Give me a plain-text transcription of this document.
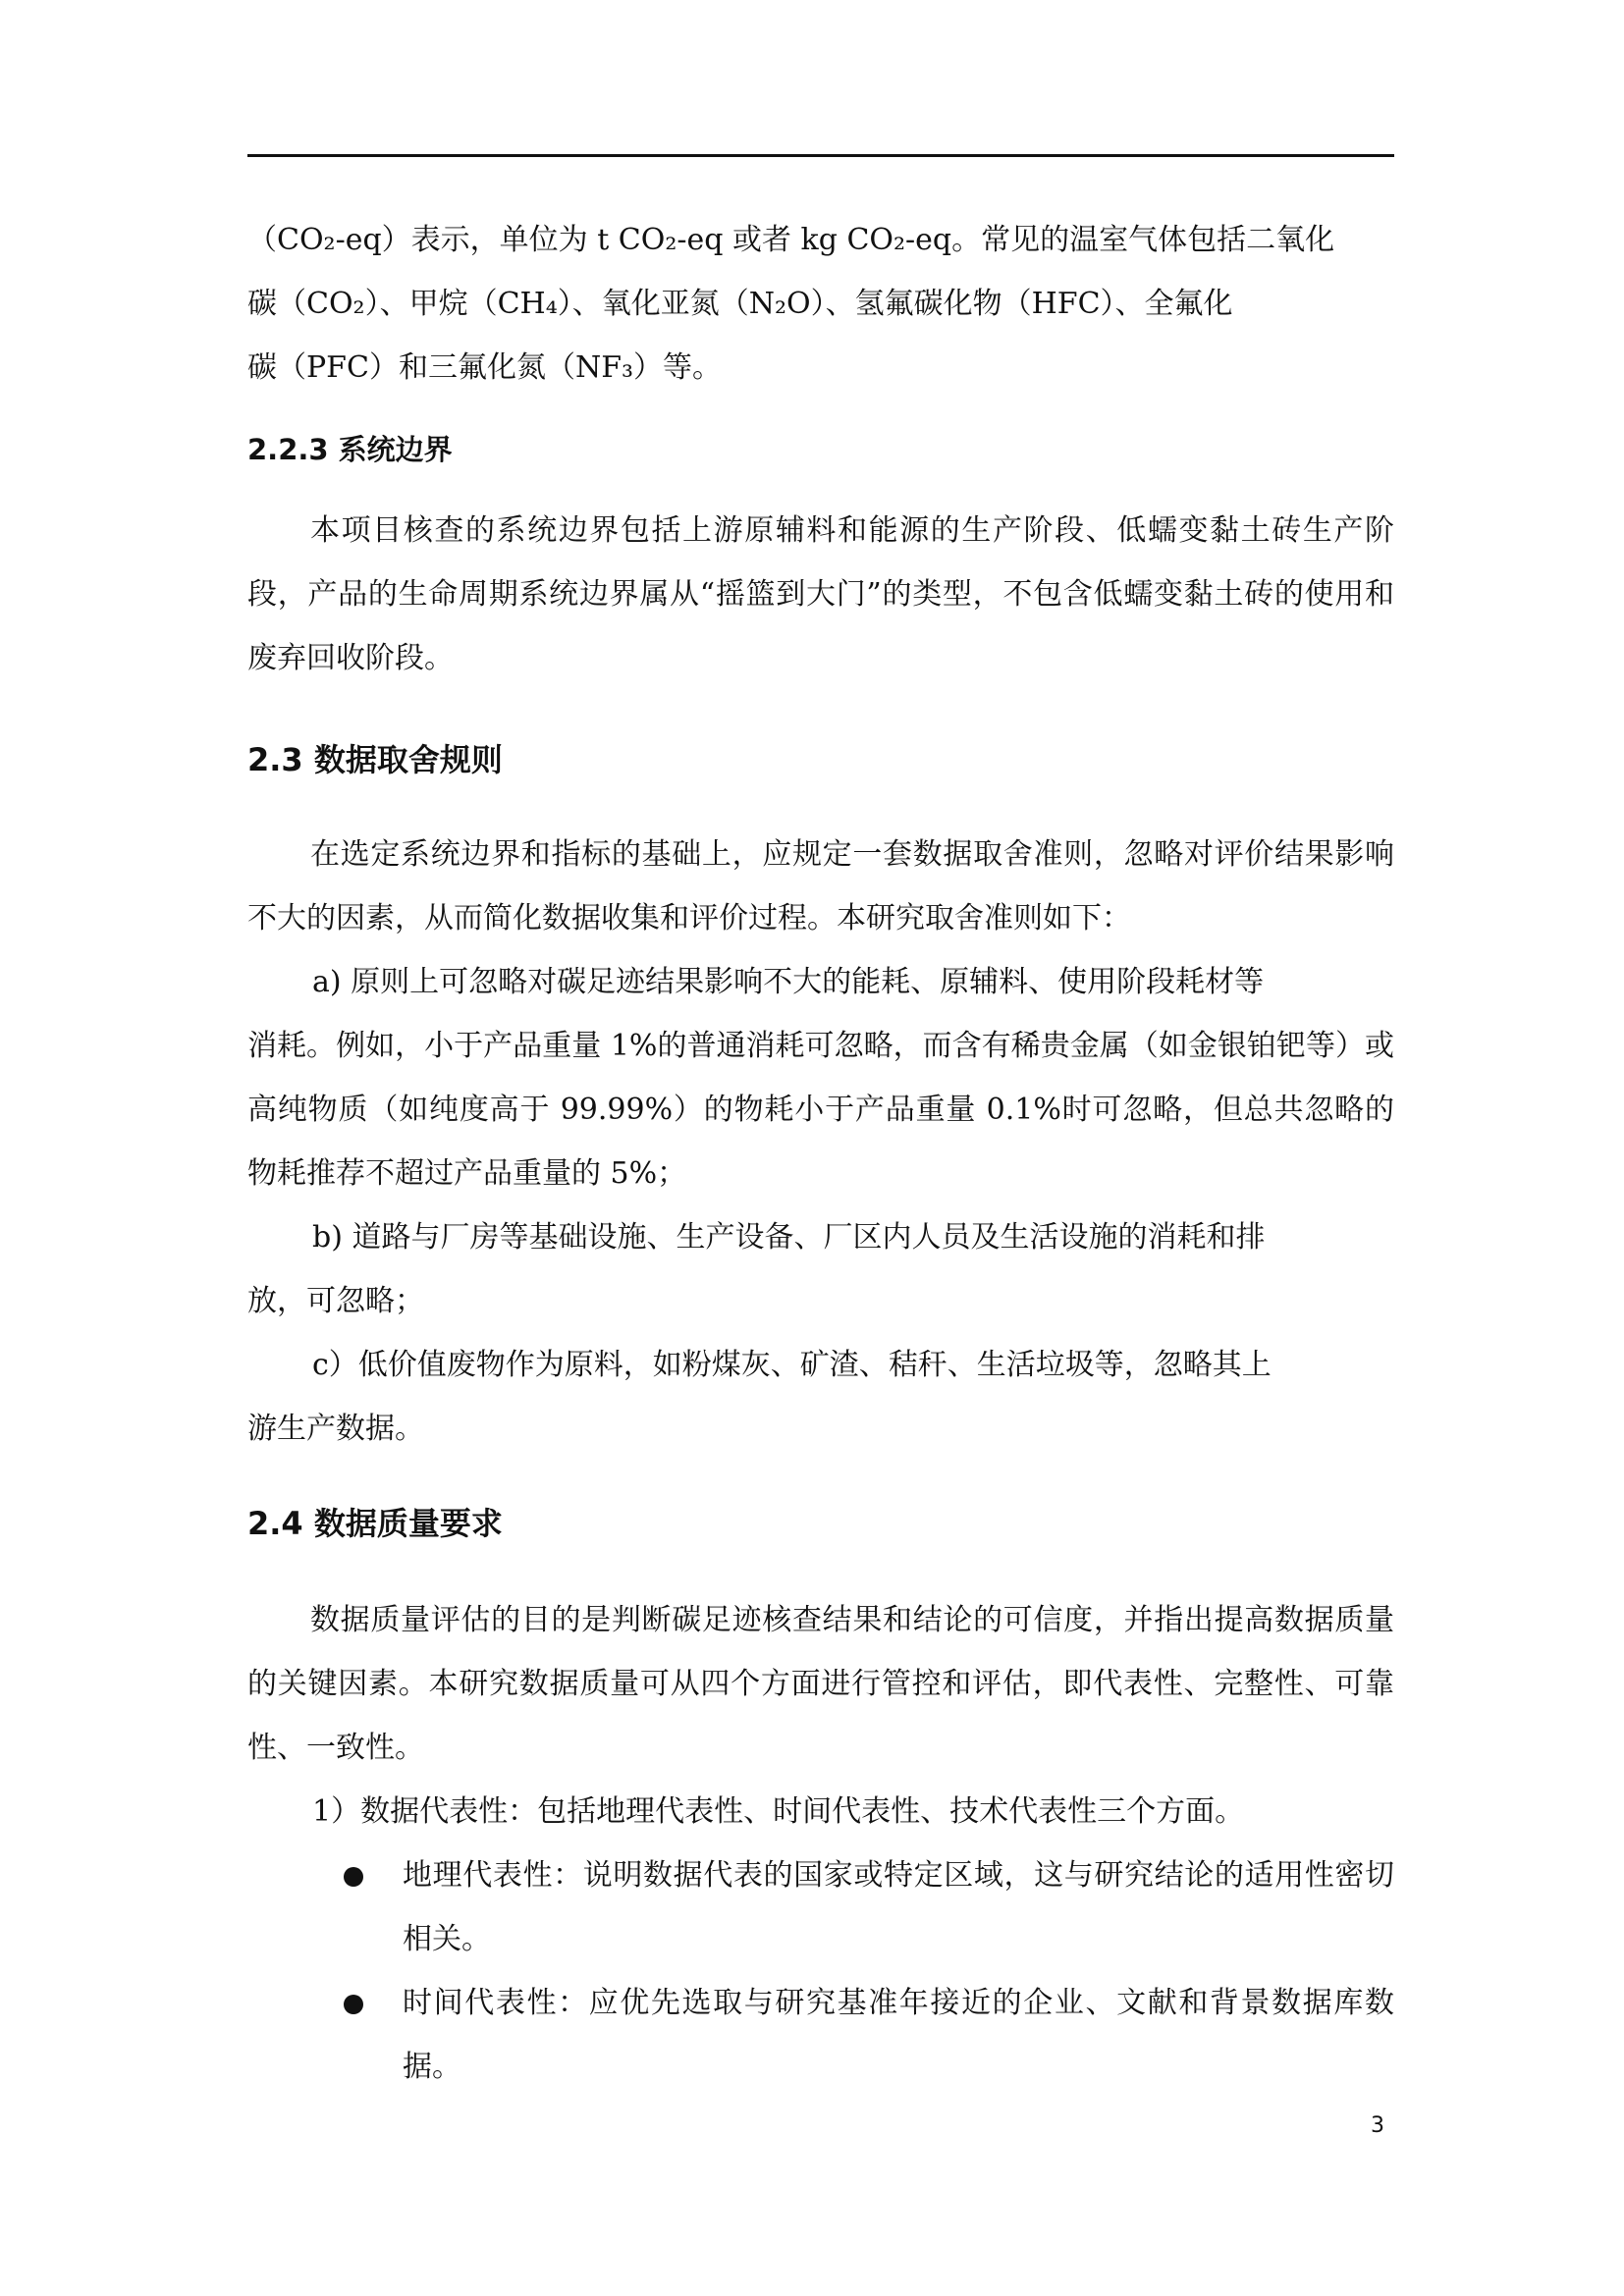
（CO₂-eq）表示，单位为 t CO₂-eq 或者 kg CO₂-eq。常见的温室气体包括二氧化

碳（CO₂）、甲烷（CH₄）、氧化亚氮（N₂O）、氢氟碳化物（HFC）、全氟化

碳（PFC）和三氟化氮（NF₃）等。

2.2.3 系统边界

本项目核查的系统边界包括上游原辅料和能源的生产阶段、低蠕变黏土砖生产阶段，产品的生命周期系统边界属从“摇篮到大门”的类型，不包含低蠕变黏土砖的使用和废弃回收阶段。

2.3 数据取舍规则

在选定系统边界和指标的基础上，应规定一套数据取舍准则，忽略对评价结果影响不大的因素，从而简化数据收集和评价过程。本研究取舍准则如下：

a) 原则上可忽略对碳足迹结果影响不大的能耗、原辅料、使用阶段耗材等

消耗。例如，小于产品重量 1%的普通消耗可忽略，而含有稀贵金属（如金银铂钯等）或高纯物质（如纯度高于 99.99%）的物耗小于产品重量 0.1%时可忽略，但总共忽略的物耗推荐不超过产品重量的 5%；

b) 道路与厂房等基础设施、生产设备、厂区内人员及生活设施的消耗和排

放，可忽略；

c）低价值废物作为原料，如粉煤灰、矿渣、秸秆、生活垃圾等，忽略其上

游生产数据。

2.4 数据质量要求

数据质量评估的目的是判断碳足迹核查结果和结论的可信度，并指出提高数据质量的关键因素。本研究数据质量可从四个方面进行管控和评估，即代表性、完整性、可靠性、一致性。

1）数据代表性：包括地理代表性、时间代表性、技术代表性三个方面。

地理代表性：说明数据代表的国家或特定区域，这与研究结论的适用性密切相关。

时间代表性：应优先选取与研究基准年接近的企业、文献和背景数据库数据。

3
